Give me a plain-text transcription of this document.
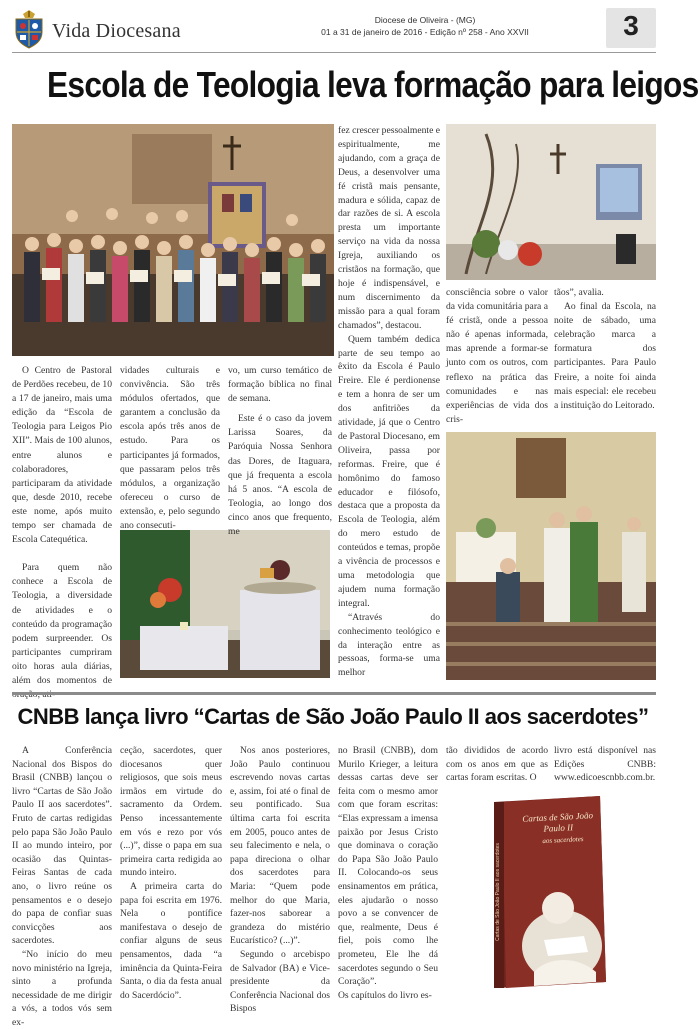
Vida Diocesana	Diocese de Oliveira - (MG)
01 a 31 de janeiro de 2016 - Edição nº 258 - Ano XXVII	3
Escola de Teologia leva formação para leigos

O Centro de Pastoral de Perdões recebeu, de 10 a 17 de janeiro, mais uma edição da “Escola de Teologia para Leigos Pio XII”. Mais de 100 alunos, entre alunos e colaboradores, participaram da atividade que, desde 2010, recebe este nome, após muito tempo ser chamada de Escola Catequética.

Para quem não conhece a Escola de Teologia, a diversidade de atividades e o conteúdo da programação podem surpreender. Os participantes cumpriram oito horas aula diárias, além dos momentos de

vidades culturais e convivência. São três módulos ofertados, que garantem a conclusão da escola após três anos de estudo. Para os participantes já formados, que passaram pelos três módulos, a organização ofereceu o curso de extensão, e, pelo segundo ano consecuti-

vo, um curso temático de formação bíblica no final de semana.

Este é o caso da jovem Larissa Soares, da Paróquia Nossa Senhora das Dores, de Itaguara, que já frequenta a escola há 5 anos. “A escola de Teologia, ao longo dos cinco anos que frequento, me

fez crescer pessoalmente e espiritualmente, me ajudando, com a graça de Deus, a desenvolver uma fé cristã mais pensante, madura e sólida, capaz de dar razões de si. A escola presta um importante serviço na vida da nossa Igreja, auxiliando os cristãos na formação, que hoje é indispensável, e num discernimento da missão para a qual foram chamados”, destacou.

Quem também dedica parte de seu tempo ao êxito da Escola é Paulo Freire. Ele é perdionense e tem a honra de ser um dos anfitriões da atividade, já que o Centro de Pastoral Diocesano, em Oliveira, passa por reformas. Freire, que é homônimo do famoso educador e filósofo, destaca que a proposta da Escola de Teologia, além do mero estudo de conteúdos e temas, propõe a vivência de processos e uma metodologia que ajudem numa formação integral.

“Através do conhecimento teológico e da interação entre as pessoas, forma-se uma melhor

consciência sobre o valor da vida comunitária para a fé cristã, onde a pessoa não é apenas informada, mas aprende a formar-se junto com os outros, com reflexo na prática das comunidades e nas experiências de vida dos cris-

tãos”, avalia.

Ao final da Escola, na noite de sábado, uma celebração marca a formatura dos participantes. Para Paulo Freire, a noite foi ainda mais especial: ele recebeu a instituição do Leitorado.

CNBB lança livro “Cartas de São João Paulo II aos sacerdotes”

A Conferência Nacional dos Bispos do Brasil (CNBB) lançou o livro “Cartas de São João Paulo II aos sacerdotes”. Fruto de cartas redigidas pelo papa São João Paulo II ao mundo inteiro, por ocasião das Quintas-Feiras Santas de cada ano, o livro reúne os pensamentos e o desejo do papa de confiar suas convicções aos sacerdotes.

“No início do meu novo ministério na Igreja, sinto a profunda necessidade de me dirigir a vós, a todos vós sem ex-

ceção, sacerdotes, quer diocesanos quer religiosos, que sois meus irmãos em virtude do sacramento da Ordem. Penso incessantemente em vós e rezo por vós (...)”, disse o papa em sua primeira carta redigida ao mundo inteiro.

A primeira carta do papa foi escrita em 1976. Nela o pontífice manifestava o desejo de confiar alguns de seus pensamentos, dada “a iminência da Quinta-Feira Santa, o dia da festa anual do Sacerdócio”.

Nos anos posteriores, João Paulo continuou escrevendo novas cartas e, assim, foi até o final de seu pontificado. Sua última carta foi escrita em 2005, pouco antes de seu falecimento e nela, o papa direciona o olhar dos sacerdotes para Maria: “Quem pode melhor do que Maria, fazer-nos saborear a grandeza do mistério Eucarístico? (...)”.

Segundo o arcebispo de Salvador (BA) e Vice-presidente da Conferência Nacional dos Bispos

no Brasil (CNBB), dom Murilo Krieger, a leitura dessas cartas deve ser feita com o mesmo amor com que foram escritas: “Elas expressam a imensa paixão por Jesus Cristo que dominava o coração do Papa São João Paulo II. Colocando-os seus ensinamentos em prática, eles ajudarão o nosso povo a se convencer de que, realmente, Deus é fiel, pois como lhe prometeu, Ele lhe dá sacerdotes segundo o Seu Coração”.

Os capítulos do livro es-

tão divididos de acordo com os anos em que as cartas foram escritas. O

livro está disponível nas Edições CNBB: www.edicoescnbb.com.br.

Cartas de São João Paulo II
aos sacerdotes
Cartas de São João Paulo II aos sacerdotes
